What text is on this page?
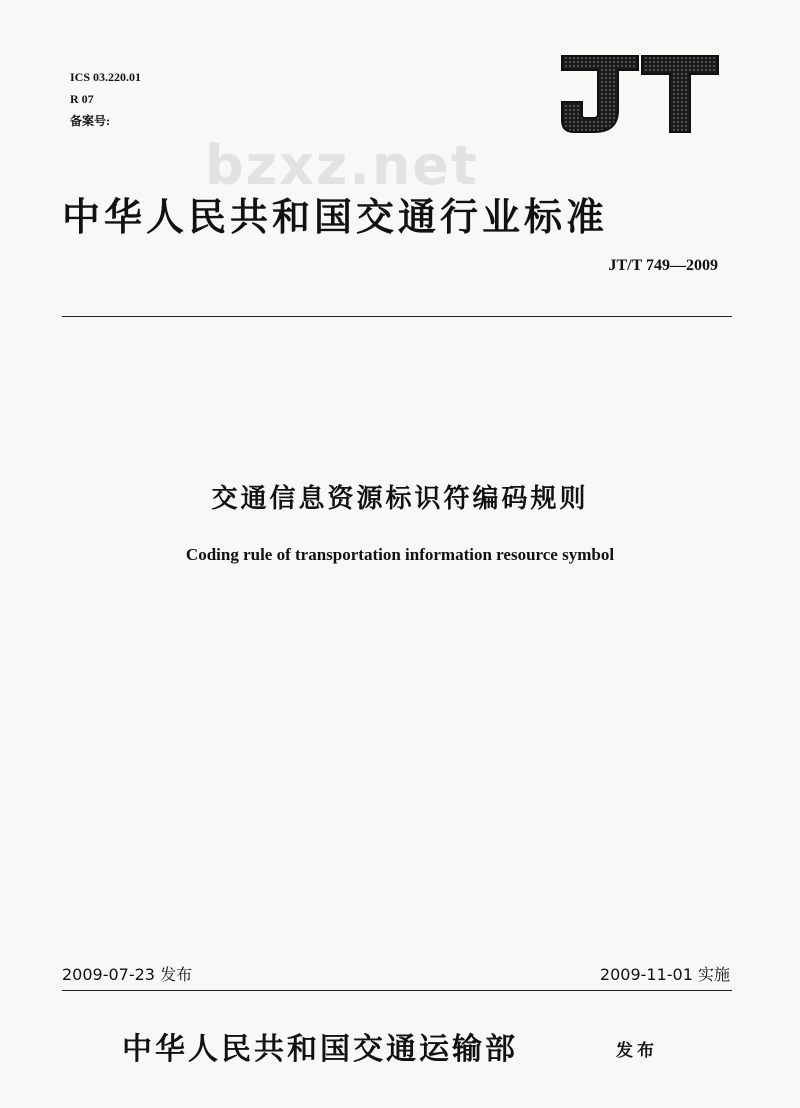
ICS 03.220.01
R 07
备案号:
bzxz.net
中华人民共和国交通行业标准
JT/T 749—2009
交通信息资源标识符编码规则
Coding rule of transportation information resource symbol
2009-07-23 发布	2009-11-01 实施
中华人民共和国交通运输部	发布
